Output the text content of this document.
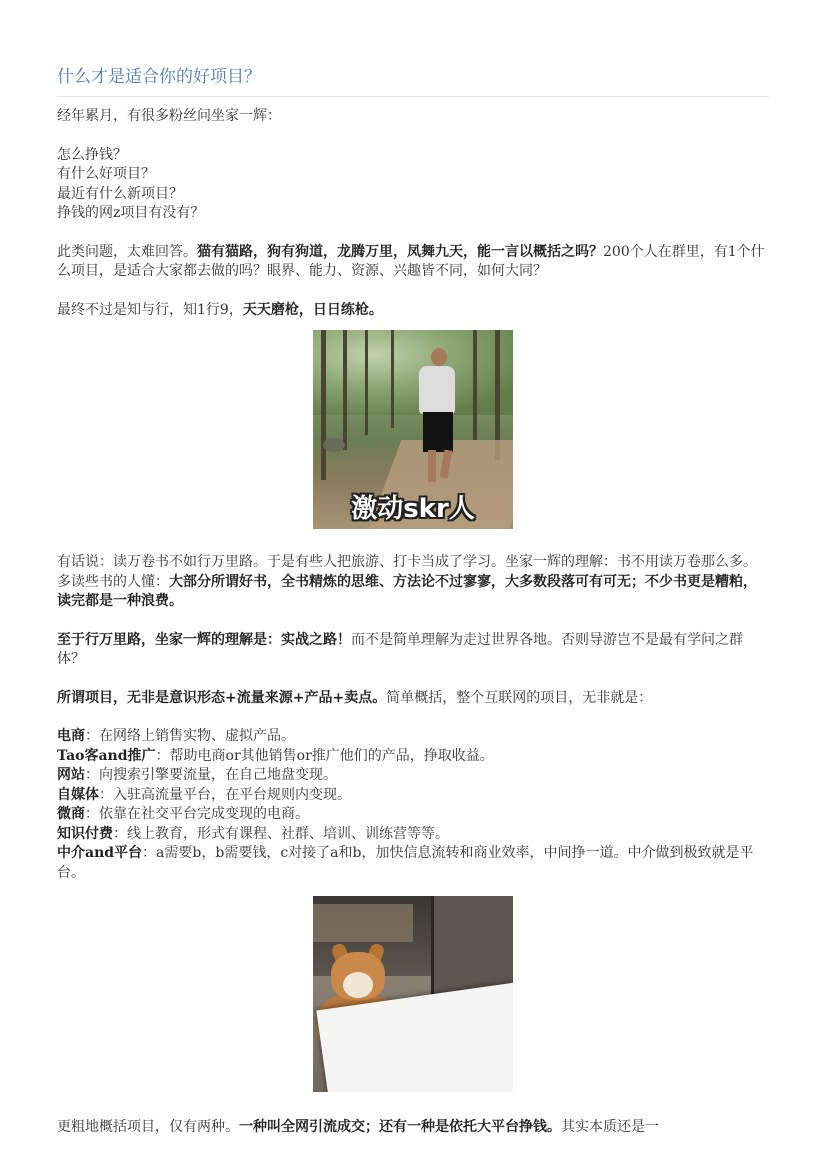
什么才是适合你的好项目？

经年累月，有很多粉丝问坐家一辉：

怎么挣钱？

有什么好项目？

最近有什么新项目？

挣钱的网z项目有没有？

此类问题，太难回答。猫有猫路，狗有狗道，龙腾万里，凤舞九天，能一言以概括之吗？200个人在群里，有1个什么项目，是适合大家都去做的吗？眼界、能力、资源、兴趣皆不同，如何大同？

最终不过是知与行，知1行9，天天磨枪，日日练枪。

激动skr人

有话说：读万卷书不如行万里路。于是有些人把旅游、打卡当成了学习。坐家一辉的理解：书不用读万卷那么多。多读些书的人懂：大部分所谓好书，全书精炼的思维、方法论不过寥寥，大多数段落可有可无；不少书更是糟粕，读完都是一种浪费。

至于行万里路，坐家一辉的理解是：实战之路！而不是简单理解为走过世界各地。否则导游岂不是最有学问之群体？

所谓项目，无非是意识形态+流量来源+产品+卖点。简单概括，整个互联网的项目，无非就是：

电商：在网络上销售实物、虚拟产品。

Tao客and推广：帮助电商or其他销售or推广他们的产品，挣取收益。

网站：向搜索引擎要流量，在自己地盘变现。

自媒体：入驻高流量平台，在平台规则内变现。

微商：依靠在社交平台完成变现的电商。

知识付费：线上教育，形式有课程、社群、培训、训练营等等。

中介and平台：a需要b，b需要钱，c对接了a和b，加快信息流转和商业效率，中间挣一道。中介做到极致就是平台。

更粗地概括项目，仅有两种。一种叫全网引流成交；还有一种是依托大平台挣钱。其实本质还是一
